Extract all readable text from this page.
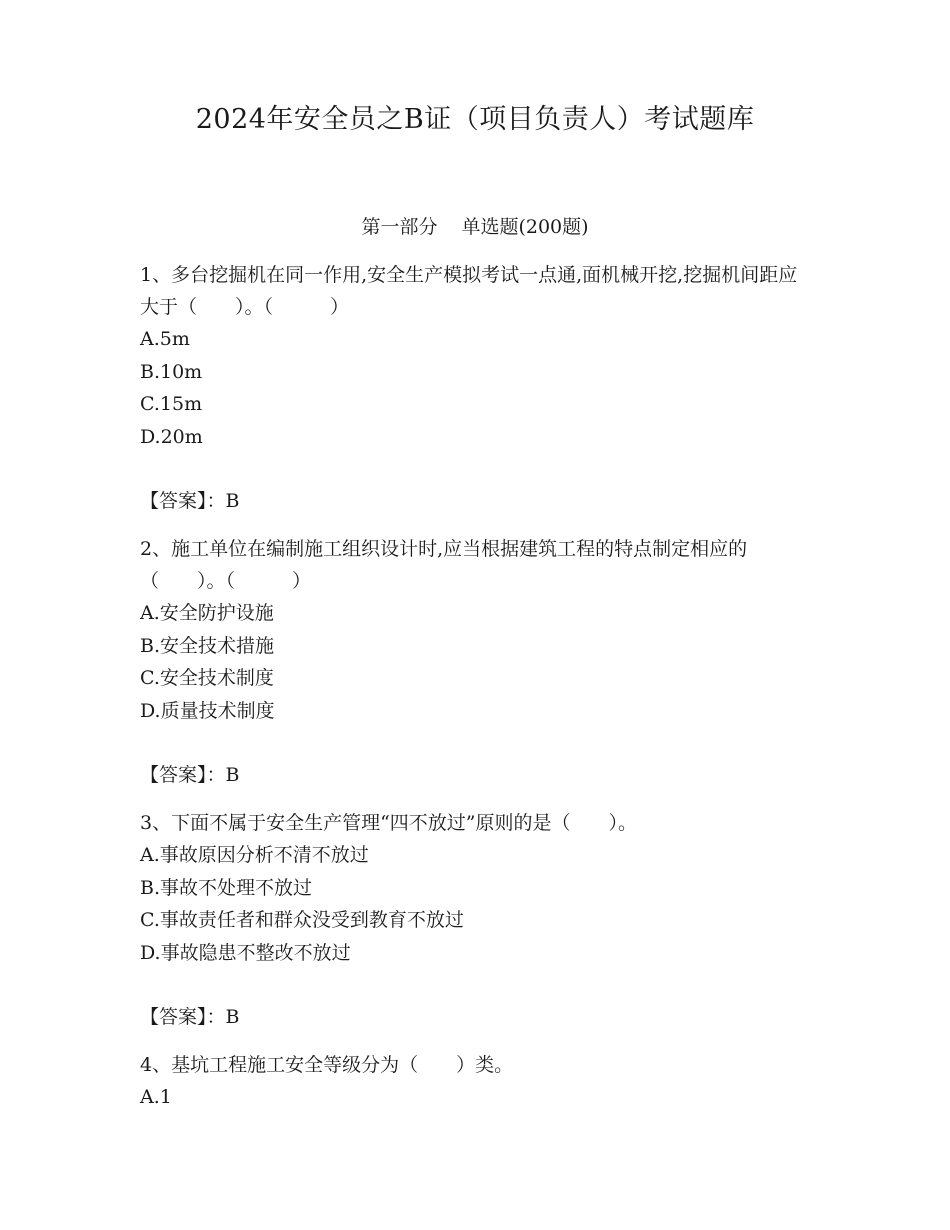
2024年安全员之B证（项目负责人）考试题库
第一部分 单选题(200题)

1、多台挖掘机在同一作用,安全生产模拟考试一点通,面机械开挖,挖掘机间距应大于（　　）。（　　　）

A.5m

B.10m

C.15m

D.20m

【答案】：B

2、施工单位在编制施工组织设计时,应当根据建筑工程的特点制定相应的（　　）。（　　　）

A.安全防护设施

B.安全技术措施

C.安全技术制度

D.质量技术制度

【答案】：B

3、下面不属于安全生产管理“四不放过”原则的是（　　）。

A.事故原因分析不清不放过

B.事故不处理不放过

C.事故责任者和群众没受到教育不放过

D.事故隐患不整改不放过

【答案】：B

4、基坑工程施工安全等级分为（　　）类。

A.1
